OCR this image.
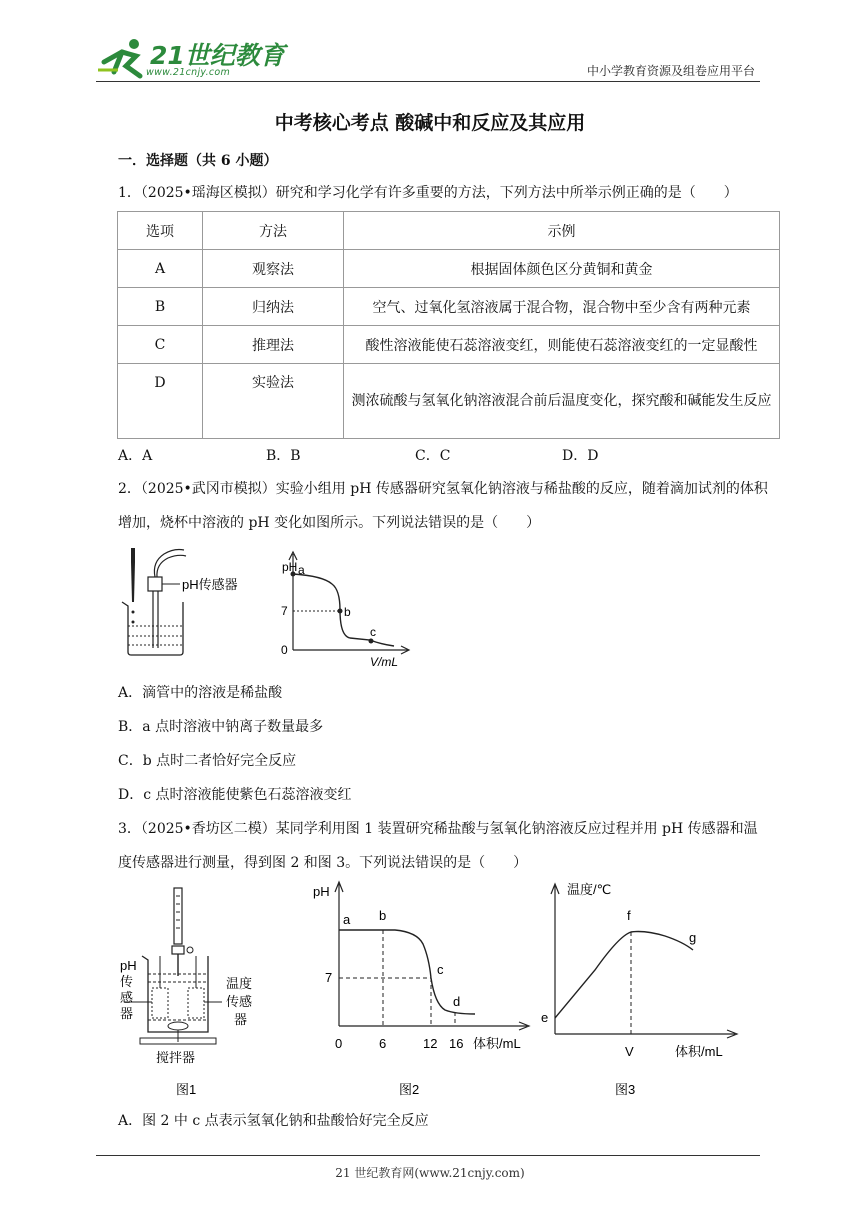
21世纪教育
www.21cnjy.com	中小学教育资源及组卷应用平台
中考核心考点 酸碱中和反应及其应用
一．选择题（共 6 小题）
1．（2025•瑶海区模拟）研究和学习化学有许多重要的方法，下列方法中所举示例正确的是（　　）
选项	方法	示例
A	观察法	根据固体颜色区分黄铜和黄金
B	归纳法	空气、过氧化氢溶液属于混合物，混合物中至少含有两种元素
C	推理法	酸性溶液能使石蕊溶液变红，则能使石蕊溶液变红的一定显酸性
D	实验法	测浓硫酸与氢氧化钠溶液混合前后温度变化，探究酸和碱能发生反应
A．A	B．B	C．C	D．D
2．（2025•武冈市模拟）实验小组用 pH 传感器研究氢氧化钠溶液与稀盐酸的反应，随着滴加试剂的体积增加，烧杯中溶液的 pH 变化如图所示。下列说法错误的是（　　）
pH传感器
pH a
b
c
7
0
V/mL
A．滴管中的溶液是稀盐酸
B．a 点时溶液中钠离子数量最多
C．b 点时二者恰好完全反应
D．c 点时溶液能使紫色石蕊溶液变红
3．（2025•香坊区二模）某同学利用图 1 装置研究稀盐酸与氢氧化钠溶液反应过程并用 pH 传感器和温度传感器进行测量，得到图 2 和图 3。下列说法错误的是（　　）
pH
传
感
器
温度
传感
器
搅拌器
图1
pH
a b
c
d
7
0	6	12 16 体积/mL
图2
温度/℃
e
f
g
V	体积/mL
图3
A．图 2 中 c 点表示氢氧化钠和盐酸恰好完全反应
21 世纪教育网(www.21cnjy.com)
